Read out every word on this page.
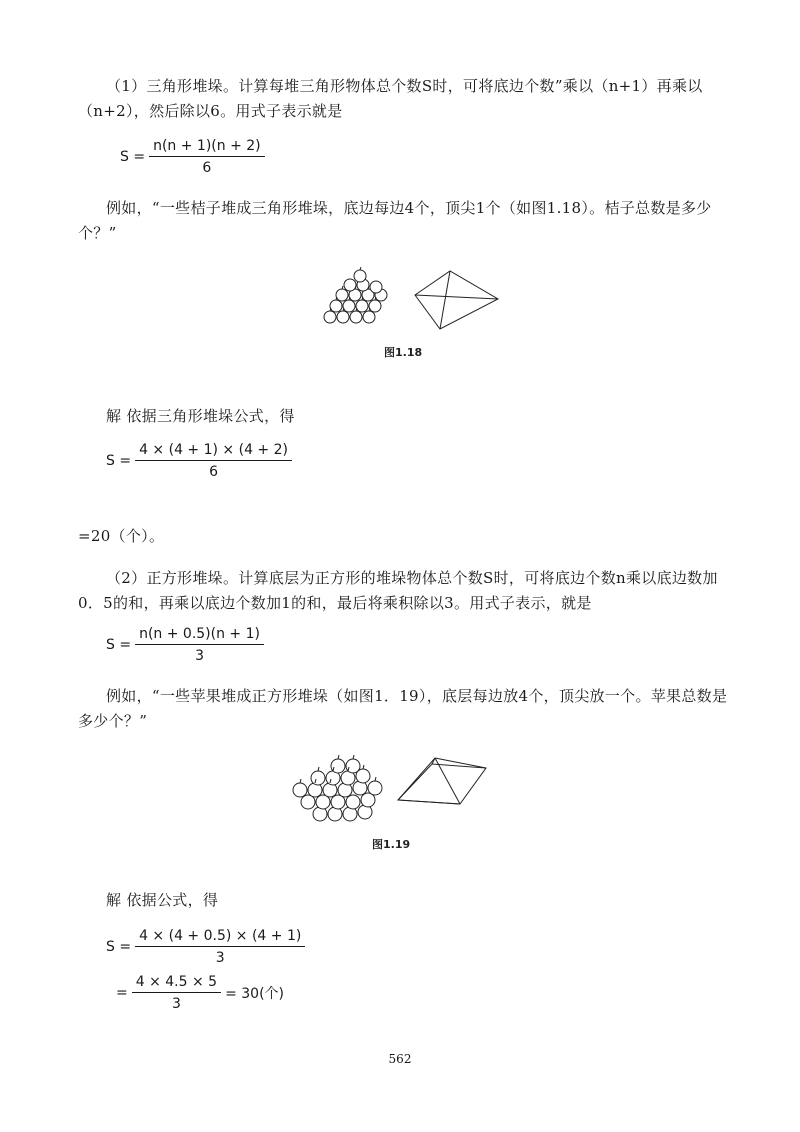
（1）三角形堆垛。计算每堆三角形物体总个数S时，可将底边个数”乘以（n+1）再乘以（n+2），然后除以6。用式子表示就是
$S = \frac{n(n + 1)(n + 2)}{6}$
例如，“一些桔子堆成三角形堆垛，底边每边4个，顶尖1个（如图1.18）。桔子总数是多少个？”
图1.18
解 依据三角形堆垛公式，得
$S = \frac{4 \times (4 + 1) \times (4 + 2)}{6}$
=20（个）。
（2）正方形堆垛。计算底层为正方形的堆垛物体总个数S时，可将底边个数n乘以底边数加0．5的和，再乘以底边个数加1的和，最后将乘积除以3。用式子表示，就是
$S = \frac{n(n + 0.5)(n + 1)}{3}$
例如，“一些苹果堆成正方形堆垛（如图1．19），底层每边放4个，顶尖放一个。苹果总数是多少个？”
图1.19
解 依据公式，得
$S = \frac{4 \times (4 + 0.5) \times (4 + 1)}{3}$
= $\frac{4 \times 4.5 \times 5}{3} = 30$(个)
562
